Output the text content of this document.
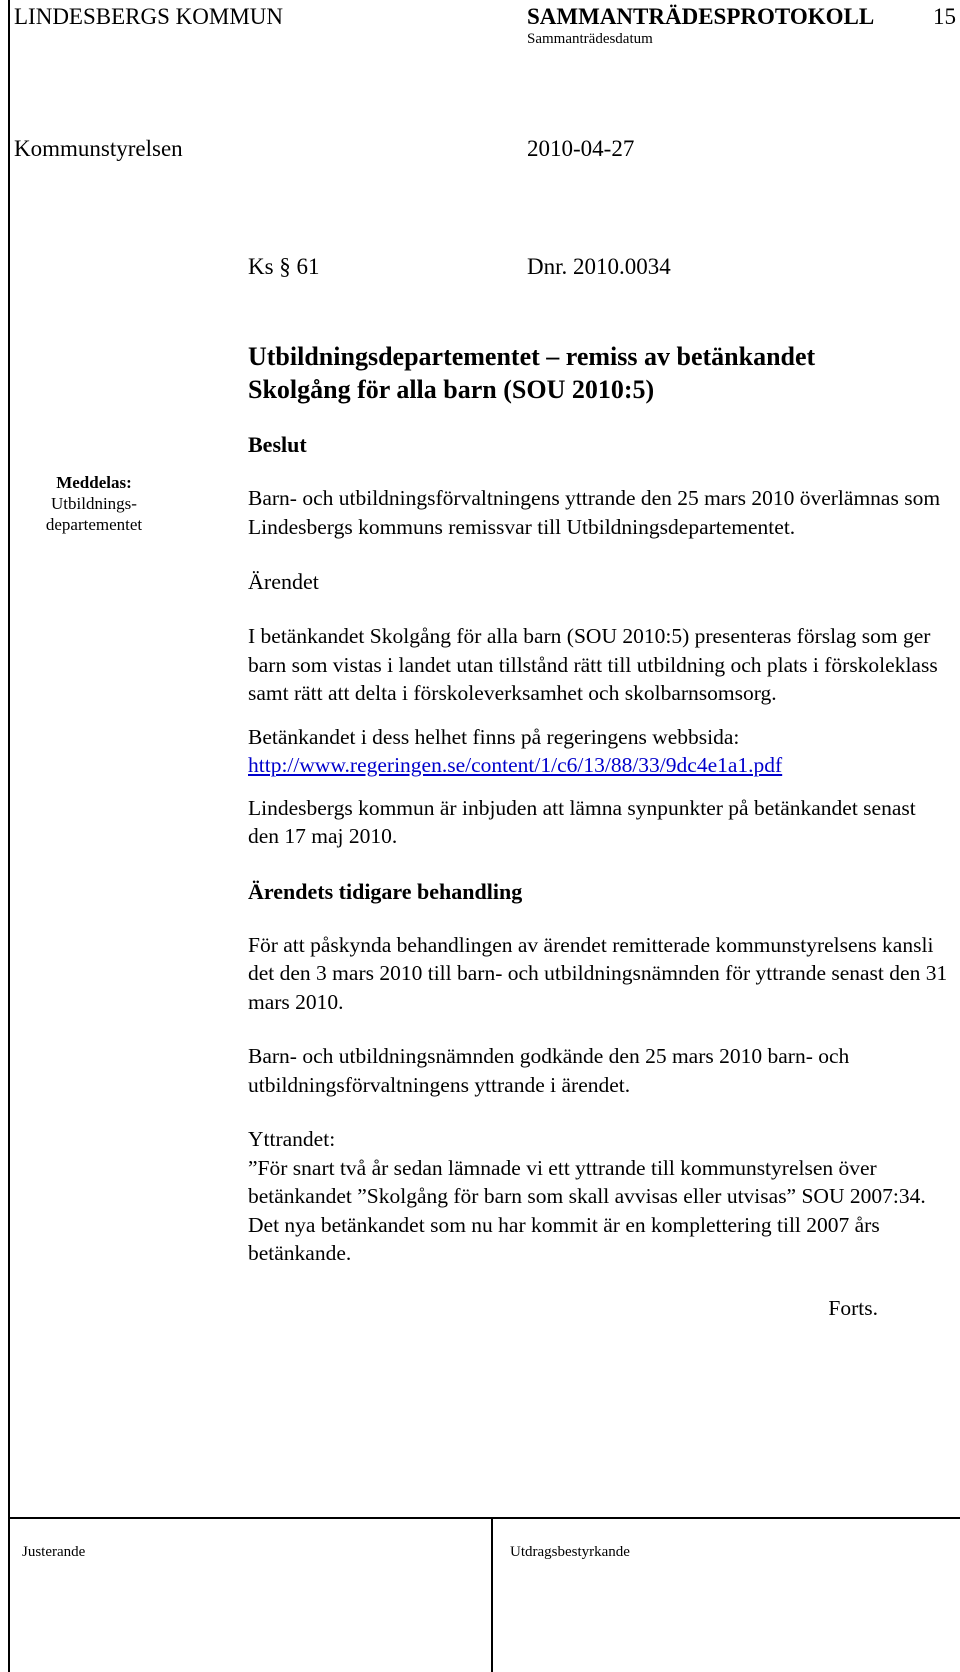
LINDESBERGS KOMMUN	SAMMANTRÄDESPROTOKOLL	15
Sammanträdesdatum
Kommunstyrelsen	2010-04-27
Ks § 61	Dnr. 2010.0034
Utbildningsdepartementet – remiss av betänkandet
Skolgång för alla barn (SOU 2010:5)
Meddelas:
Utbildnings-
departementet
Beslut

Barn- och utbildningsförvaltningens yttrande den 25 mars 2010 överlämnas som Lindesbergs kommuns remissvar till Utbildningsdepartementet.

Ärendet

I betänkandet Skolgång för alla barn (SOU 2010:5) presenteras förslag som ger barn som vistas i landet utan tillstånd rätt till utbildning och plats i förskoleklass samt rätt att delta i förskoleverksamhet och skolbarnsomsorg.

Betänkandet i dess helhet finns på regeringens webbsida:

http://www.regeringen.se/content/1/c6/13/88/33/9dc4e1a1.pdf

Lindesbergs kommun är inbjuden att lämna synpunkter på betänkandet senast den 17 maj 2010.

Ärendets tidigare behandling

För att påskynda behandlingen av ärendet remitterade kommunstyrelsens kansli det den 3 mars 2010 till barn- och utbildningsnämnden för yttrande senast den 31 mars 2010.

Barn- och utbildningsnämnden godkände den 25 mars 2010 barn- och utbildningsförvaltningens yttrande i ärendet.

Yttrandet:

”För snart två år sedan lämnade vi ett yttrande till kommunstyrelsen över betänkandet ”Skolgång för barn som skall avvisas eller utvisas” SOU 2007:34. Det nya betänkandet som nu har kommit är en komplettering till 2007 års betänkande.

Forts.

Justerande	Utdragsbestyrkande
